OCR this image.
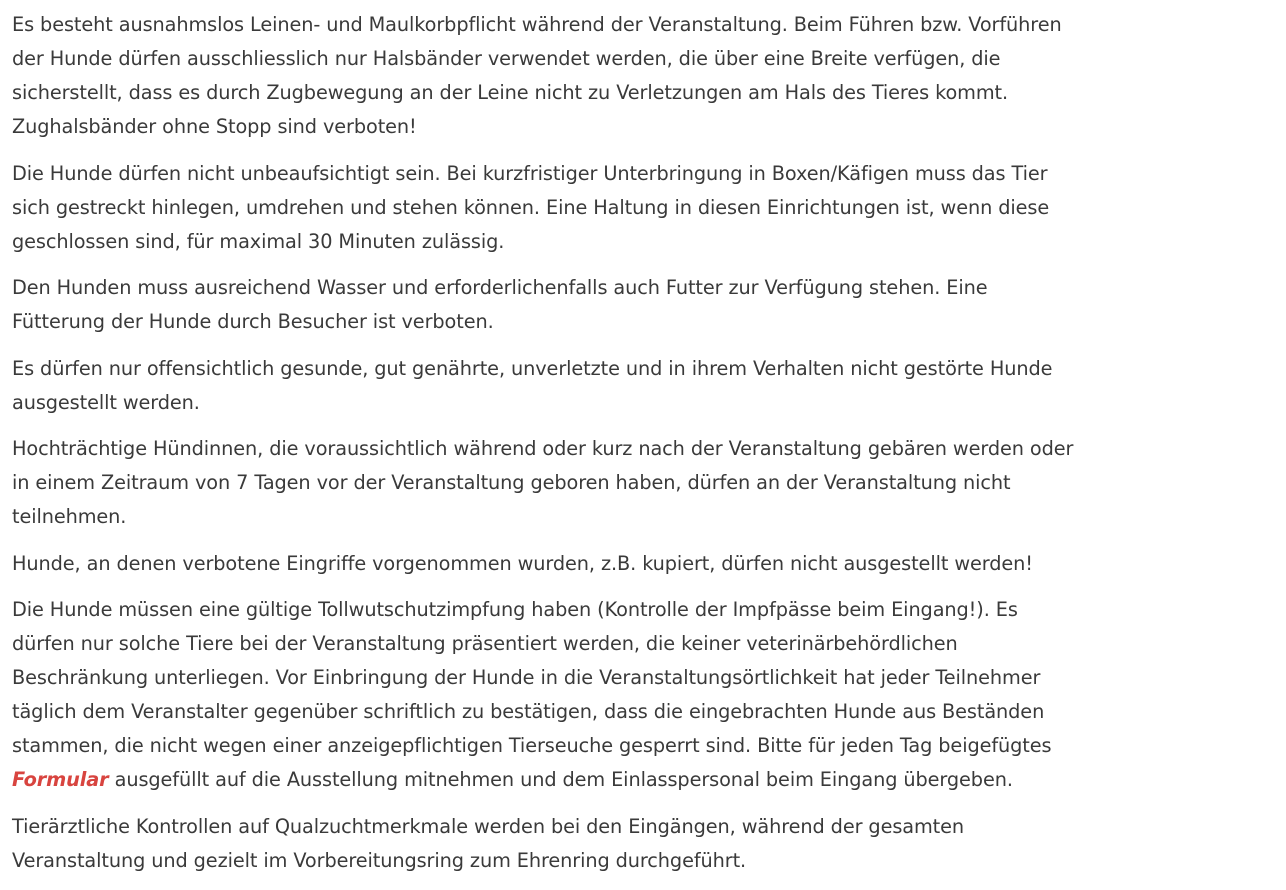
Es besteht ausnahmslos Leinen- und Maulkorbpflicht während der Veranstaltung. Beim Führen bzw. Vorführen der Hunde dürfen ausschliesslich nur Halsbänder verwendet werden, die über eine Breite verfügen, die sicherstellt, dass es durch Zugbewegung an der Leine nicht zu Verletzungen am Hals des Tieres kommt. Zughalsbänder ohne Stopp sind verboten!

Die Hunde dürfen nicht unbeaufsichtigt sein. Bei kurzfristiger Unterbringung in Boxen/Käfigen muss das Tier sich gestreckt hinlegen, umdrehen und stehen können. Eine Haltung in diesen Einrichtungen ist, wenn diese geschlossen sind, für maximal 30 Minuten zulässig.

Den Hunden muss ausreichend Wasser und erforderlichenfalls auch Futter zur Verfügung stehen. Eine Fütterung der Hunde durch Besucher ist verboten.

Es dürfen nur offensichtlich gesunde, gut genährte, unverletzte und in ihrem Verhalten nicht gestörte Hunde ausgestellt werden.

Hochträchtige Hündinnen, die voraussichtlich während oder kurz nach der Veranstaltung gebären werden oder in einem Zeitraum von 7 Tagen vor der Veranstaltung geboren haben, dürfen an der Veranstaltung nicht teilnehmen.

Hunde, an denen verbotene Eingriffe vorgenommen wurden, z.B. kupiert, dürfen nicht ausgestellt werden!

Die Hunde müssen eine gültige Tollwutschutzimpfung haben (Kontrolle der Impfpässe beim Eingang!). Es dürfen nur solche Tiere bei der Veranstaltung präsentiert werden, die keiner veterinärbehördlichen Beschränkung unterliegen. Vor Einbringung der Hunde in die Veranstaltungsörtlichkeit hat jeder Teilnehmer täglich dem Veranstalter gegenüber schriftlich zu bestätigen, dass die eingebrachten Hunde aus Beständen stammen, die nicht wegen einer anzeigepflichtigen Tierseuche gesperrt sind. Bitte für jeden Tag beigefügtes Formular ausgefüllt auf die Ausstellung mitnehmen und dem Einlasspersonal beim Eingang übergeben.

Tierärztliche Kontrollen auf Qualzuchtmerkmale werden bei den Eingängen, während der gesamten Veranstaltung und gezielt im Vorbereitungsring zum Ehrenring durchgeführt.
